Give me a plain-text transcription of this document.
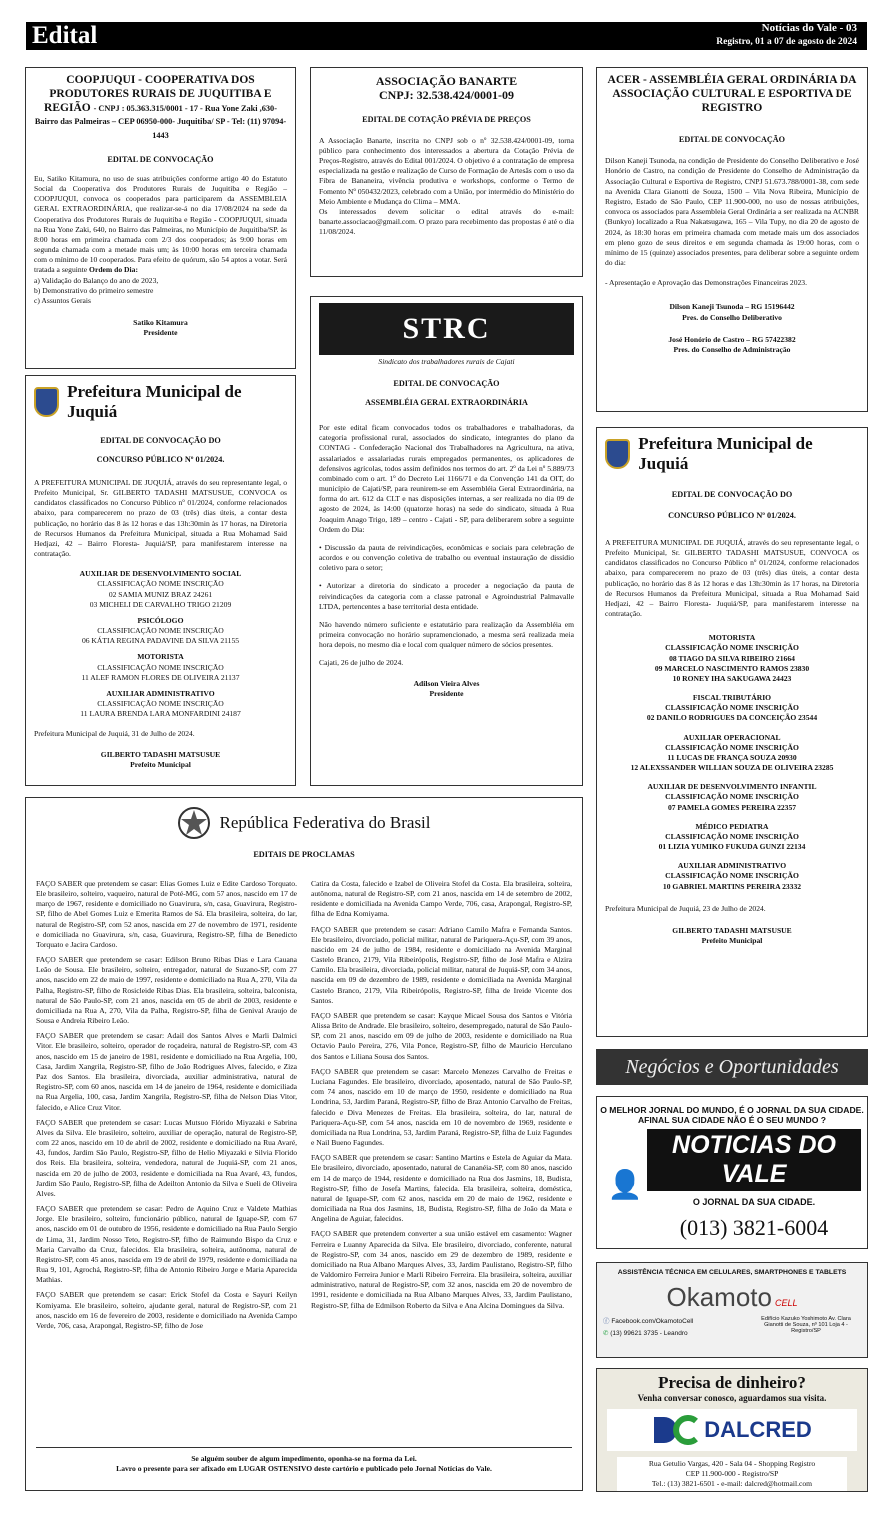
Edital	Notícias do Vale - 03
Registro, 01 a 07 de agosto de 2024
COOPJUQUI - COOPERATIVA DOS PRODUTORES RURAIS DE JUQUITIBA E REGIÃO - CNPJ : 05.363.315/0001 - 17 - Rua Yone Zaki ,630- Bairro das Palmeiras – CEP 06950-000- Juquitiba/ SP - Tel: (11) 97094-1443
EDITAL DE CONVOCAÇÃO
Eu, Satiko Kitamura, no uso de suas atribuições conforme artigo 40 do Estatuto Social da Cooperativa dos Produtores Rurais de Juquitiba e Região – COOPJUQUI, convoca os cooperados para participarem da ASSEMBLEIA GERAL EXTRAORDINÁRIA, que realizar-se-á no dia 17/08/2024 na sede da Cooperativa dos Produtores Rurais de Juquitiba e Região - COOPJUQUI, situada na Rua Yone Zaki, 640, no Bairro das Palmeiras, no Município de Juquitiba/SP. às 8:00 horas em primeira chamada com 2/3 dos cooperados; às 9:00 horas em segunda chamada com a metade mais um; às 10:00 horas em terceira chamada com o mínimo de 10 cooperados. Para efeito de quórum, são 54 aptos a votar. Será tratada a seguinte Ordem do Dia:
a) Validação do Balanço do ano de 2023,
b) Demonstrativo do primeiro semestre
c) Assuntos Gerais
Satiko Kitamura
Presidente
ASSOCIAÇÃO BANARTE
CNPJ: 32.538.424/0001-09
EDITAL DE COTAÇÃO PRÉVIA DE PREÇOS
A Associação Banarte, inscrita no CNPJ sob o nº 32.538.424/0001-09, torna público para conhecimento dos interessados a abertura da Cotação Prévia de Preços-Registro, através do Edital 001/2024. O objetivo é a contratação de empresa especializada na gestão e realização de Curso de Formação de Artesãs com o uso da Fibra de Bananeira, vivência produtiva e workshops, conforme o Termo de Fomento Nº 050432/2023, celebrado com a União, por intermédio do Ministério do Meio Ambiente e Mudança do Clima – MMA.
Os interessados devem solicitar o edital através do e-mail: banarte.associacao@gmail.com. O prazo para recebimento das propostas é até o dia 11/08/2024.
ACER - ASSEMBLÉIA GERAL ORDINÁRIA DA ASSOCIAÇÃO CULTURAL E ESPORTIVA DE REGISTRO
EDITAL DE CONVOCAÇÃO
Dilson Kaneji Tsunoda, na condição de Presidente do Conselho Deliberativo e José Honório de Castro, na condição de Presidente do Conselho de Administração da Associação Cultural e Esportiva de Registro, CNPJ 51.673.788/0001-38, com sede na Avenida Clara Gianotti de Souza, 1500 – Vila Nova Ribeira, Município de Registro, Estado de São Paulo, CEP 11.900-000, no uso de nossas atribuições, convoca os associados para Assembleia Geral Ordinária a ser realizada na ACNBR (Bunkyo) localizado a Rua Nakatsugawa, 165 – Vila Tupy, no dia 20 de agosto de 2024, às 18:30 horas em primeira chamada com metade mais um dos associados em pleno gozo de seus direitos e em segunda chamada às 19:00 horas, com o mínimo de 15 (quinze) associados presentes, para deliberar sobre a seguinte ordem do dia:
- Apresentação e Aprovação das Demonstrações Financeiras 2023.
Dilson Kaneji Tsunoda – RG 15196442
Pres. do Conselho Deliberativo
José Honório de Castro – RG 57422382
Pres. do Conselho de Administração
Prefeitura Municipal de Juquiá
EDITAL DE CONVOCAÇÃO DO
CONCURSO PÚBLICO Nº 01/2024.
A PREFEITURA MUNICIPAL DE JUQUIÁ, através do seu representante legal, o Prefeito Municipal, Sr. GILBERTO TADASHI MATSUSUE, CONVOCA os candidatos classificados no Concurso Público nº 01/2024, conforme relacionados abaixo, para comparecerem no prazo de 03 (três) dias úteis, a contar desta publicação, no horário das 8 às 12 horas e das 13h:30min às 17 horas, na Diretoria de Recursos Humanos da Prefeitura Municipal, situada a Rua Mohamad Said Hedjazi, 42 – Bairro Floresta- Juquiá/SP, para manifestarem interesse na contratação.
AUXILIAR DE DESENVOLVIMENTO SOCIAL
CLASSIFICAÇÃO NOME INSCRIÇÃO
02 SAMIA MUNIZ BRAZ 24261
03 MICHELI DE CARVALHO TRIGO 21209
PSICÓLOGO
CLASSIFICAÇÃO NOME INSCRIÇÃO
06 KÁTIA REGINA PADAVINE DA SILVA 21155
MOTORISTA
CLASSIFICAÇÃO NOME INSCRIÇÃO
11 ALEF RAMON FLORES DE OLIVEIRA 21137
AUXILIAR ADMINISTRATIVO
CLASSIFICAÇÃO NOME INSCRIÇÃO
11 LAURA BRENDA LARA MONFARDINI 24187
Prefeitura Municipal de Juquiá, 31 de Julho de 2024.
GILBERTO TADASHI MATSUSUE
Prefeito Municipal
STRC
Sindicato dos trabalhadores rurais de Cajati
EDITAL DE CONVOCAÇÃO
ASSEMBLÉIA GERAL EXTRAORDINÁRIA
Por este edital ficam convocados todos os trabalhadores e trabalhadoras, da categoria profissional rural, associados do sindicato, integrantes do plano da CONTAG - Confederação Nacional dos Trabalhadores na Agricultura, na ativa, assalariados e assalariadas rurais empregados permanentes, os aplicadores de defensivos agrícolas, todos assim definidos nos termos do art. 2º da Lei nº 5.889/73 combinado com o art. 1º do Decreto Lei 1166/71 e da Convenção 141 da OIT, do município de Cajati/SP, para reunirem-se em Assembléia Geral Extraordinária, na forma do art. 612 da CLT e nas disposições internas, a ser realizada no dia 09 de agosto de 2024, às 14:00 (quatorze horas) na sede do sindicato, situada à Rua Joaquim Anago Trigo, 189 – centro - Cajati - SP, para deliberarem sobre a seguinte Ordem do Dia:
• Discussão da pauta de reivindicações, econômicas e sociais para celebração de acordos e ou convenção coletiva de trabalho ou eventual instauração de dissídio coletivo para o setor;
• Autorizar a diretoria do sindicato a proceder a negociação da pauta de reivindicações da categoria com a classe patronal e Agroindustrial Palmavalle LTDA, pertencentes a base territorial desta entidade.
Não havendo número suficiente e estatutário para realização da Assembléia em primeira convocação no horário supramencionado, a mesma será realizada meia hora depois, no mesmo dia e local com qualquer número de sócios presentes.
Cajati, 26 de julho de 2024.
Adilson Vieira Alves
Presidente
Prefeitura Municipal de Juquiá
EDITAL DE CONVOCAÇÃO DO
CONCURSO PÚBLICO Nº 01/2024.
A PREFEITURA MUNICIPAL DE JUQUIÁ, através do seu representante legal, o Prefeito Municipal, Sr. GILBERTO TADASHI MATSUSUE, CONVOCA os candidatos classificados no Concurso Público nº 01/2024, conforme relacionados abaixo, para comparecerem no prazo de 03 (três) dias úteis, a contar desta publicação, no horário das 8 às 12 horas e das 13h:30min às 17 horas, na Diretoria de Recursos Humanos da Prefeitura Municipal, situada a Rua Mohamad Said Hedjazi, 42 – Bairro Floresta- Juquiá/SP, para manifestarem interesse na contratação.
MOTORISTA
CLASSIFICAÇÃO NOME INSCRIÇÃO
08 TIAGO DA SILVA RIBEIRO 21664
09 MARCELO NASCIMENTO RAMOS 23830
10 RONEY IHA SAKUGAWA 24423
FISCAL TRIBUTÁRIO
CLASSIFICAÇÃO NOME INSCRIÇÃO
02 DANILO RODRIGUES DA CONCEIÇÃO 23544
AUXILIAR OPERACIONAL
CLASSIFICAÇÃO NOME INSCRIÇÃO
11 LUCAS DE FRANÇA SOUZA 20930
12 ALEXSSANDER WILLIAN SOUZA DE OLIVEIRA 23285
AUXILIAR DE DESENVOLVIMENTO INFANTIL
CLASSIFICAÇÃO NOME INSCRIÇÃO
07 PAMELA GOMES PEREIRA 22357
MÉDICO PEDIATRA
CLASSIFICAÇÃO NOME INSCRIÇÃO
01 LIZIA YUMIKO FUKUDA GUNZI 22134
AUXILIAR ADMINISTRATIVO
CLASSIFICAÇÃO NOME INSCRIÇÃO
10 GABRIEL MARTINS PEREIRA 23332
Prefeitura Municipal de Juquiá, 23 de Julho de 2024.
GILBERTO TADASHI MATSUSUE
Prefeito Municipal
República Federativa do Brasil
EDITAIS DE PROCLAMAS

FAÇO SABER que pretendem se casar: Elias Gomes Luiz e Edite Cardoso Torquato. Ele brasileiro, solteiro, vaqueiro, natural de Poté-MG, com 57 anos, nascido em 17 de março de 1967, residente e domiciliado no Guavirura, s/n, casa, Guavirura, Registro-SP, filho de Abel Gomes Luiz e Emerita Ramos de Sá. Ela brasileira, solteira, do lar, natural de Registro-SP, com 52 anos, nascida em 27 de novembro de 1971, residente e domiciliada no Guavirura, s/n, casa, Guavirura, Registro-SP, filha de Benedicto Torquato e Jacira Cardoso.

FAÇO SABER que pretendem se casar: Edilson Bruno Ribas Dias e Lara Cauana Leão de Sousa. Ele brasileiro, solteiro, entregador, natural de Suzano-SP, com 27 anos, nascido em 22 de maio de 1997, residente e domiciliado na Rua A, 270, Vila da Palha, Registro-SP, filho de Rosicleide Ribas Dias. Ela brasileira, solteira, balconista, natural de São Paulo-SP, com 21 anos, nascida em 05 de abril de 2003, residente e domiciliada na Rua A, 270, Vila da Palha, Registro-SP, filha de Genival Araujo de Sousa e Andreia Ribeiro Leão.

FAÇO SABER que pretendem se casar: Adail dos Santos Alves e Marli Dalmici Vitor. Ele brasileiro, solteiro, operador de roçadeira, natural de Registro-SP, com 43 anos, nascido em 15 de janeiro de 1981, residente e domiciliado na Rua Argelia, 100, Casa, Jardim Xangrila, Registro-SP, filho de João Rodrigues Alves, falecido, e Ziza Paz dos Santos. Ela brasileira, divorciada, auxiliar administrativa, natural de Registro-SP, com 60 anos, nascida em 14 de janeiro de 1964, residente e domiciliada na Rua Argelia, 100, casa, Jardim Xangrila, Registro-SP, filha de Nelson Dias Vitor, falecido, e Alice Cruz Vitor.

FAÇO SABER que pretendem se casar: Lucas Mutsuo Flórido Miyazaki e Sabrina Alves da Silva. Ele brasileiro, solteiro, auxiliar de operação, natural de Registro-SP, com 22 anos, nascido em 10 de abril de 2002, residente e domiciliado na Rua Avaré, 43, fundos, Jardim São Paulo, Registro-SP, filho de Helio Miyazaki e Silvia Florido dos Reis. Ela brasileira, solteira, vendedora, natural de Juquiá-SP, com 21 anos, nascida em 20 de julho de 2003, residente e domiciliada na Rua Avaré, 43, fundos, Jardim São Paulo, Registro-SP, filha de Adeilton Antonio da Silva e Sueli de Oliveira Alves.

FAÇO SABER que pretendem se casar: Pedro de Aquino Cruz e Valdete Mathias Jorge. Ele brasileiro, solteiro, funcionário público, natural de Iguape-SP, com 67 anos, nascido em 01 de outubro de 1956, residente e domiciliado na Rua Paulo Sergio de Lima, 31, Jardim Nosso Teto, Registro-SP, filho de Raimundo Bispo da Cruz e Maria Carvalho da Cruz, falecidos. Ela brasileira, solteira, autônoma, natural de Registro-SP, com 45 anos, nascida em 19 de abril de 1979, residente e domiciliada na Rua 9, 101, Agrochá, Registro-SP, filha de Antonio Ribeiro Jorge e Maria Aparecida Mathias.

FAÇO SABER que pretendem se casar: Erick Stofel da Costa e Sayuri Keilyn Komiyama. Ele brasileiro, solteiro, ajudante geral, natural de Registro-SP, com 21 anos, nascido em 16 de fevereiro de 2003, residente e domiciliado na Avenida Campo Verde, 706, casa, Arapongal, Registro-SP, filho de Jose

Catira da Costa, falecido e Izabel de Oliveira Stofel da Costa. Ela brasileira, solteira, autônoma, natural de Registro-SP, com 21 anos, nascida em 14 de setembro de 2002, residente e domiciliada na Avenida Campo Verde, 706, casa, Arapongal, Registro-SP, filha de Edna Komiyama.

FAÇO SABER que pretendem se casar: Adriano Camilo Mafra e Fernanda Santos. Ele brasileiro, divorciado, policial militar, natural de Pariquera-Açu-SP, com 39 anos, nascido em 24 de julho de 1984, residente e domiciliado na Avenida Marginal Castelo Branco, 2179, Vila Ribeirópolis, Registro-SP, filho de José Mafra e Alzira Camilo. Ela brasileira, divorciada, policial militar, natural de Juquiá-SP, com 34 anos, nascida em 09 de dezembro de 1989, residente e domiciliada na Avenida Marginal Castelo Branco, 2179, Vila Ribeirópolis, Registro-SP, filha de Ireide Vicente dos Santos.

FAÇO SABER que pretendem se casar: Kayque Micael Sousa dos Santos e Vitória Alissa Brito de Andrade. Ele brasileiro, solteiro, desempregado, natural de São Paulo-SP, com 21 anos, nascido em 09 de julho de 2003, residente e domiciliado na Rua Octavio Paulo Pereira, 276, Vila Ponce, Registro-SP, filho de Mauricio Herculano dos Santos e Liliana Sousa dos Santos.

FAÇO SABER que pretendem se casar: Marcelo Menezes Carvalho de Freitas e Luciana Fagundes. Ele brasileiro, divorciado, aposentado, natural de São Paulo-SP, com 74 anos, nascido em 10 de março de 1950, residente e domiciliado na Rua Londrina, 53, Jardim Paraná, Registro-SP, filho de Braz Antonio Carvalho de Freitas, falecido e Diva Menezes de Freitas. Ela brasileira, solteira, do lar, natural de Pariquera-Açu-SP, com 54 anos, nascida em 10 de novembro de 1969, residente e domiciliada na Rua Londrina, 53, Jardim Paraná, Registro-SP, filha de Luiz Fagundes e Nail Bueno Fagundes.

FAÇO SABER que pretendem se casar: Santino Martins e Estela de Aguiar da Mata. Ele brasileiro, divorciado, aposentado, natural de Cananéia-SP, com 80 anos, nascido em 14 de março de 1944, residente e domiciliado na Rua dos Jasmins, 18, Budista, Registro-SP, filho de Josefa Martins, falecida. Ela brasileira, solteira, doméstica, natural de Iguape-SP, com 62 anos, nascida em 20 de maio de 1962, residente e domiciliada na Rua dos Jasmins, 18, Budista, Registro-SP, filha de João da Mata e Angelina de Aguiar, falecidos.

FAÇO SABER que pretendem converter a sua união estável em casamento: Wagner Ferreira e Luanny Aparecida da Silva. Ele brasileiro, divorciado, conferente, natural de Registro-SP, com 34 anos, nascido em 29 de dezembro de 1989, residente e domiciliado na Rua Albano Marques Alves, 33, Jardim Paulistano, Registro-SP, filho de Valdomiro Ferreira Junior e Marli Ribeiro Ferreira. Ela brasileira, solteira, auxiliar administrativo, natural de Registro-SP, com 32 anos, nascida em 20 de novembro de 1991, residente e domiciliada na Rua Albano Marques Alves, 33, Jardim Paulistano, Registro-SP, filha de Edmilson Roberto da Silva e Ana Alcina Domingues da Silva.

Se alguém souber de algum impedimento, oponha-se na forma da Lei.
Lavro o presente para ser afixado em LUGAR OSTENSIVO deste cartório e publicado pelo Jornal Notícias do Vale.
Negócios e Oportunidades
O MELHOR JORNAL DO MUNDO, É O JORNAL DA SUA CIDADE.
AFINAL SUA CIDADE NÃO É O SEU MUNDO ?
👤
NOTICIAS DO VALE
O JORNAL DA SUA CIDADE.
(013) 3821-6004
ASSISTÊNCIA TÉCNICA EM CELULARES, SMARTPHONES E TABLETS
Okamoto CELL
ⓕ Facebook.com/OkamotoCell
✆ (13) 99621 3735 - Leandro
Edifício Kazuko Yoshimoto Av. Clara Gianotti de Souza, nº 101 Loja 4 - Registro/SP
Precisa de dinheiro?
Venha conversar conosco, aguardamos sua visita.
DALCRED
Rua Getulio Vargas, 420 - Sala 04 - Shopping Registro
CEP 11.900-000 - Registro/SP
Tel.: (13) 3821-6501 - e-mail: dalcred@hotmail.com
